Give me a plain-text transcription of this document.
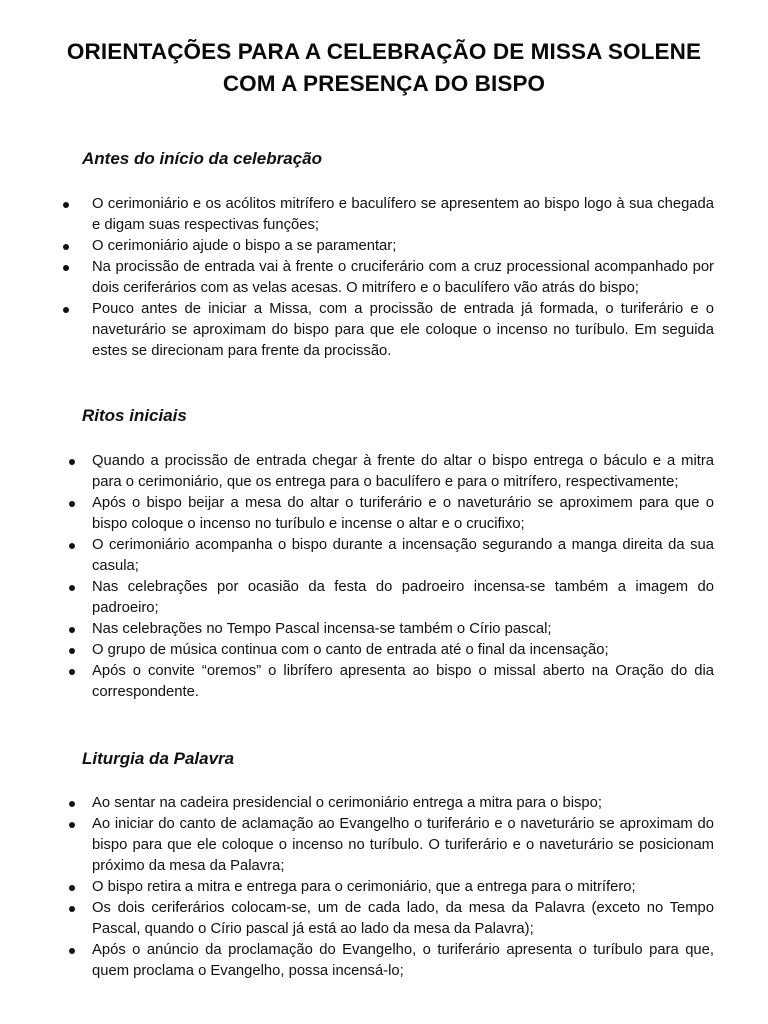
ORIENTAÇÕES PARA A CELEBRAÇÃO DE MISSA SOLENE
COM A PRESENÇA DO BISPO
Antes do início da celebração
O cerimoniário e os acólitos mitrífero e baculífero se apresentem ao bispo logo à sua chegada e digam suas respectivas funções;
O cerimoniário ajude o bispo a se paramentar;
Na procissão de entrada vai à frente o cruciferário com a cruz processional acompanhado por dois ceriferários com as velas acesas. O mitrífero e o baculífero vão atrás do bispo;
Pouco antes de iniciar a Missa, com a procissão de entrada já formada, o turiferário e o naveturário se aproximam do bispo para que ele coloque o incenso no turíbulo. Em seguida estes se direcionam para frente da procissão.
Ritos iniciais
Quando a procissão de entrada chegar à frente do altar o bispo entrega o báculo e a mitra para o cerimoniário, que os entrega para o baculífero e para o mitrífero, respectivamente;
Após o bispo beijar a mesa do altar o turiferário e o naveturário se aproximem para que o bispo coloque o incenso no turíbulo e incense o altar e o crucifixo;
O cerimoniário acompanha o bispo durante a incensação segurando a manga direita da sua casula;
Nas celebrações por ocasião da festa do padroeiro incensa-se também a imagem do padroeiro;
Nas celebrações no Tempo Pascal incensa-se também o Círio pascal;
O grupo de música continua com o canto de entrada até o final da incensação;
Após o convite “oremos” o librífero apresenta ao bispo o missal aberto na Oração do dia correspondente.
Liturgia da Palavra
Ao sentar na cadeira presidencial o cerimoniário entrega a mitra para o bispo;
Ao iniciar do canto de aclamação ao Evangelho o turiferário e o naveturário se aproximam do bispo para que ele coloque o incenso no turíbulo. O turiferário e o naveturário se posicionam próximo da mesa da Palavra;
O bispo retira a mitra e entrega para o cerimoniário, que a entrega para o mitrífero;
Os dois ceriferários colocam-se, um de cada lado, da mesa da Palavra (exceto no Tempo Pascal, quando o Círio pascal já está ao lado da mesa da Palavra);
Após o anúncio da proclamação do Evangelho, o turiferário apresenta o turíbulo para que, quem proclama o Evangelho, possa incensá-lo;
